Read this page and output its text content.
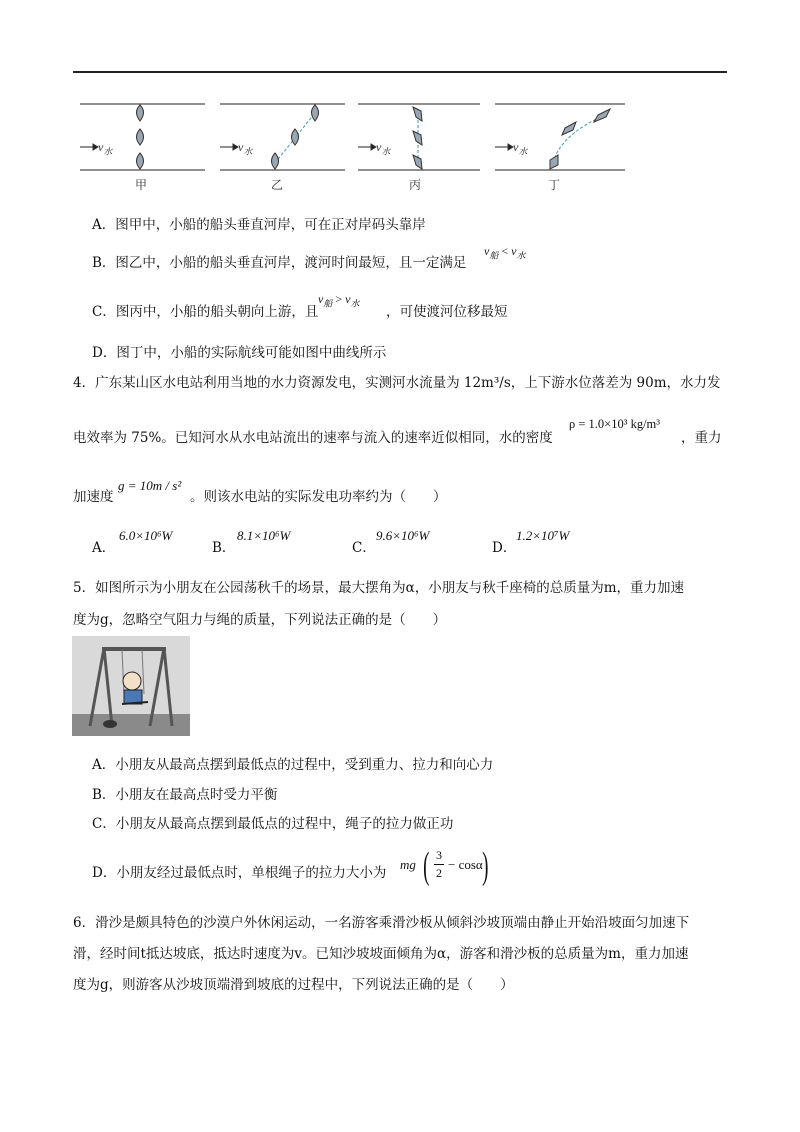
$v_水$	$v_水$	$v_水$	$v_水$
甲	乙	丙	丁
A．图甲中，小船的船头垂直河岸，可在正对岸码头靠岸
B．图乙中，小船的船头垂直河岸，渡河时间最短，且一定满足
$v_船 < v_水$
C．图丙中，小船的船头朝向上游，且
$v_船 > v_水$
，可使渡河位移最短
D．图丁中，小船的实际航线可能如图中曲线所示
4．广东某山区水电站利用当地的水力资源发电，实测河水流量为 12m³/s，上下游水位落差为 90m，水力发
电效率为 75%。已知河水从水电站流出的速率与流入的速率近似相同，水的密度
ρ = 1.0×10³ kg/m³
，重力
加速度
g = 10m / s²
。则该水电站的实际发电功率约为（　　）
A．
6.0×10⁶W
B．
8.1×10⁶W
C．
9.6×10⁶W
D．
1.2×10⁷W
5．如图所示为小朋友在公园荡秋千的场景，最大摆角为α，小朋友与秋千座椅的总质量为m，重力加速
度为g，忽略空气阻力与绳的质量，下列说法正确的是（　　）
A．小朋友从最高点摆到最低点的过程中，受到重力、拉力和向心力
B．小朋友在最高点时受力平衡
C．小朋友从最高点摆到最低点的过程中，绳子的拉力做正功
D．小朋友经过最低点时，单根绳子的拉力大小为
mg ( 3
2
− cosα )
6．滑沙是颇具特色的沙漠户外休闲运动，一名游客乘滑沙板从倾斜沙坡顶端由静止开始沿坡面匀加速下
滑，经时间t抵达坡底，抵达时速度为v。已知沙坡坡面倾角为α，游客和滑沙板的总质量为m，重力加速
度为g，则游客从沙坡顶端滑到坡底的过程中，下列说法正确的是（　　）
